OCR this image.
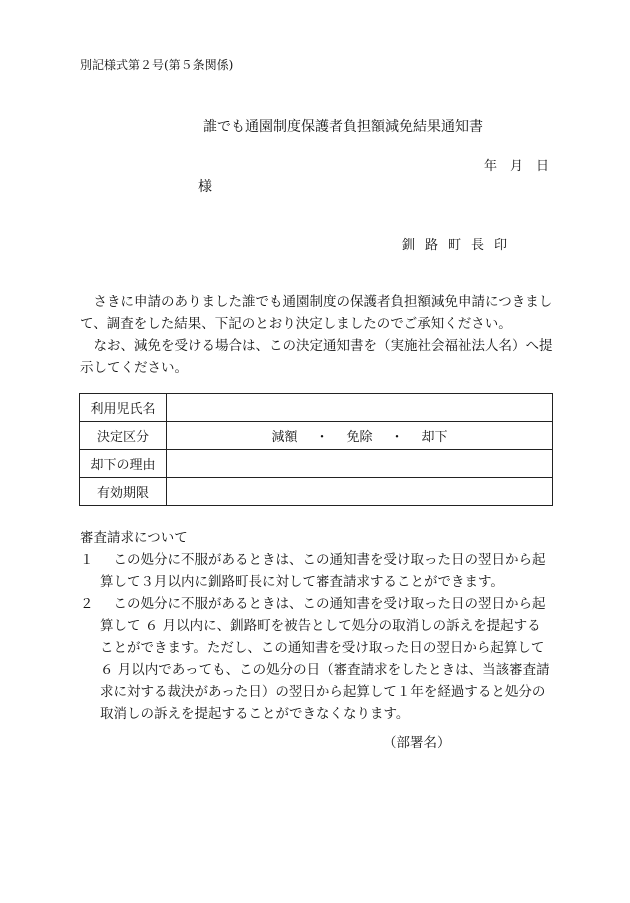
別記様式第２号(第５条関係)
誰でも通園制度保護者負担額減免結果通知書
年　月　日
様
釧路町長印

さきに申請のありました誰でも通園制度の保護者負担額減免申請につきまして、調査をした結果、下記のとおり決定しましたのでご承知ください。

なお、減免を受ける場合は、この決定通知書を（実施社会福祉法人名）へ提示してください。

利用児氏名	
決定区分	減額 ・ 免除 ・ 却下
却下の理由	
有効期限	

審査請求について

１	この処分に不服があるときは、この通知書を受け取った日の翌日から起算して３月以内に釧路町長に対して審査請求することができます。
２	この処分に不服があるときは、この通知書を受け取った日の翌日から起算して ６ 月以内に、釧路町を被告として処分の取消しの訴えを提起することができます。ただし、この通知書を受け取った日の翌日から起算して ６ 月以内であっても、この処分の日（審査請求をしたときは、当該審査請求に対する裁決があった日）の翌日から起算して１年を経過すると処分の取消しの訴えを提起することができなくなります。
（部署名）
